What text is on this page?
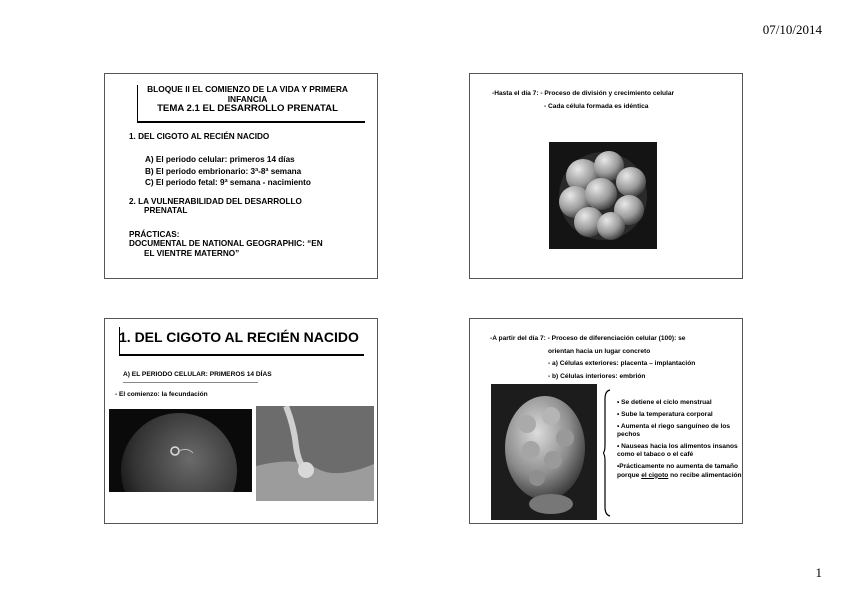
07/10/2014
BLOQUE II EL COMIENZO DE LA VIDA Y PRIMERA
INFANCIA
TEMA 2.1 EL DESARROLLO PRENATAL

1. DEL CIGOTO AL RECIÉN NACIDO

A) El periodo celular: primeros 14 días
B) El periodo embrionario: 3ª-8ª semana
C) El periodo fetal: 9ª semana - nacimiento

2. LA VULNERABILIDAD DEL DESARROLLO

PRENATAL

PRÁCTICAS:

DOCUMENTAL DE NATIONAL GEOGRAPHIC: “EN

EL VIENTRE MATERNO”

-Hasta el día 7: - Proceso de división y crecimiento celular
- Cada célula formada es idéntica
1. DEL CIGOTO AL RECIÉN NACIDO
A) EL PERIODO CELULAR: PRIMEROS 14 DÍAS
- El comienzo: la fecundación
-A partir del día 7: - Proceso de diferenciación celular (100): se
orientan hacia un lugar concreto
- a) Células exteriores: placenta – implantación
- b) Células interiores: embrión

• Se detiene el ciclo menstrual

• Sube la temperatura corporal

• Aumenta el riego sanguíneo de los pechos

• Nauseas hacia los alimentos insanos como el tabaco o el café

•Prácticamente no aumenta de tamaño porque el cigoto no recibe alimentación

1
